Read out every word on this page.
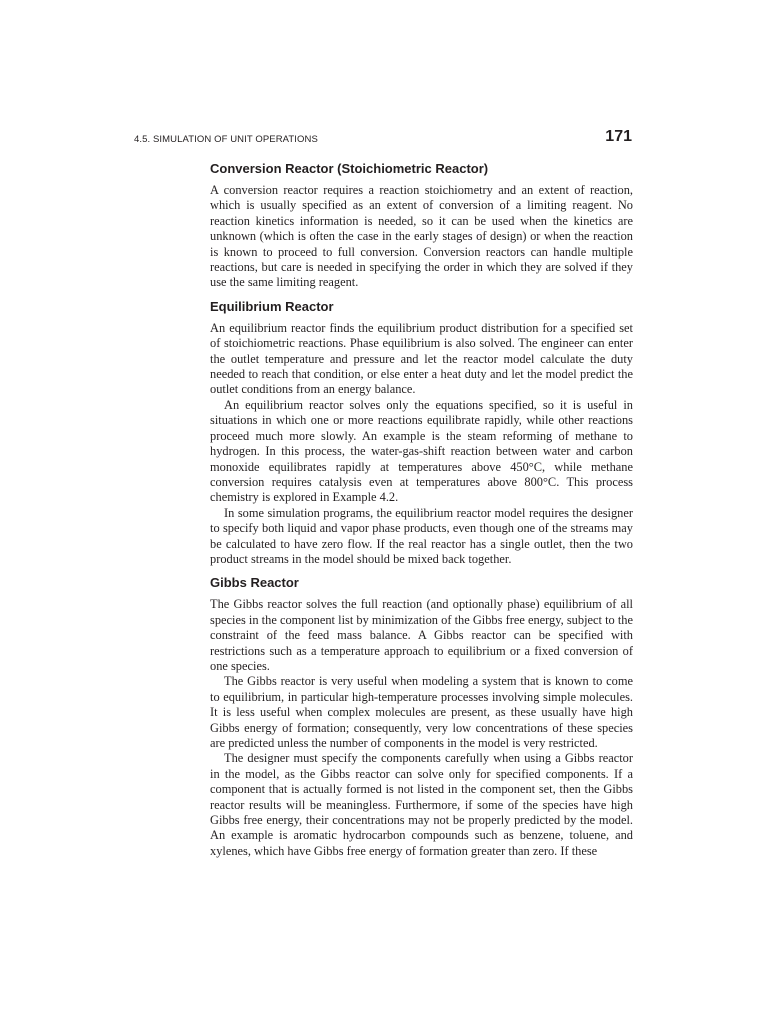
4.5. SIMULATION OF UNIT OPERATIONS	171
Conversion Reactor (Stoichiometric Reactor)

A conversion reactor requires a reaction stoichiometry and an extent of reaction, which is usually specified as an extent of conversion of a limiting reagent. No reaction kinetics information is needed, so it can be used when the kinetics are unknown (which is often the case in the early stages of design) or when the reaction is known to proceed to full conversion. Conversion reactors can handle multiple reactions, but care is needed in specifying the order in which they are solved if they use the same limiting reagent.

Equilibrium Reactor

An equilibrium reactor finds the equilibrium product distribution for a specified set of stoichiometric reactions. Phase equilibrium is also solved. The engineer can enter the outlet temperature and pressure and let the reactor model calculate the duty needed to reach that condition, or else enter a heat duty and let the model predict the outlet conditions from an energy balance.

An equilibrium reactor solves only the equations specified, so it is useful in situations in which one or more reactions equilibrate rapidly, while other reactions proceed much more slowly. An example is the steam reforming of methane to hydrogen. In this process, the water-gas-shift reaction between water and carbon monoxide equilibrates rapidly at temperatures above 450°C, while methane conversion requires catalysis even at temperatures above 800°C. This process chemistry is explored in Example 4.2.

In some simulation programs, the equilibrium reactor model requires the designer to specify both liquid and vapor phase products, even though one of the streams may be calculated to have zero flow. If the real reactor has a single outlet, then the two product streams in the model should be mixed back together.

Gibbs Reactor

The Gibbs reactor solves the full reaction (and optionally phase) equilibrium of all species in the component list by minimization of the Gibbs free energy, subject to the constraint of the feed mass balance. A Gibbs reactor can be specified with restrictions such as a temperature approach to equilibrium or a fixed conversion of one species.

The Gibbs reactor is very useful when modeling a system that is known to come to equilibrium, in particular high-temperature processes involving simple molecules. It is less useful when complex molecules are present, as these usually have high Gibbs energy of formation; consequently, very low concentrations of these species are predicted unless the number of components in the model is very restricted.

The designer must specify the components carefully when using a Gibbs reactor in the model, as the Gibbs reactor can solve only for specified components. If a component that is actually formed is not listed in the component set, then the Gibbs reactor results will be meaningless. Furthermore, if some of the species have high Gibbs free energy, their concentrations may not be properly predicted by the model. An example is aromatic hydrocarbon compounds such as benzene, toluene, and xylenes, which have Gibbs free energy of formation greater than zero. If these
